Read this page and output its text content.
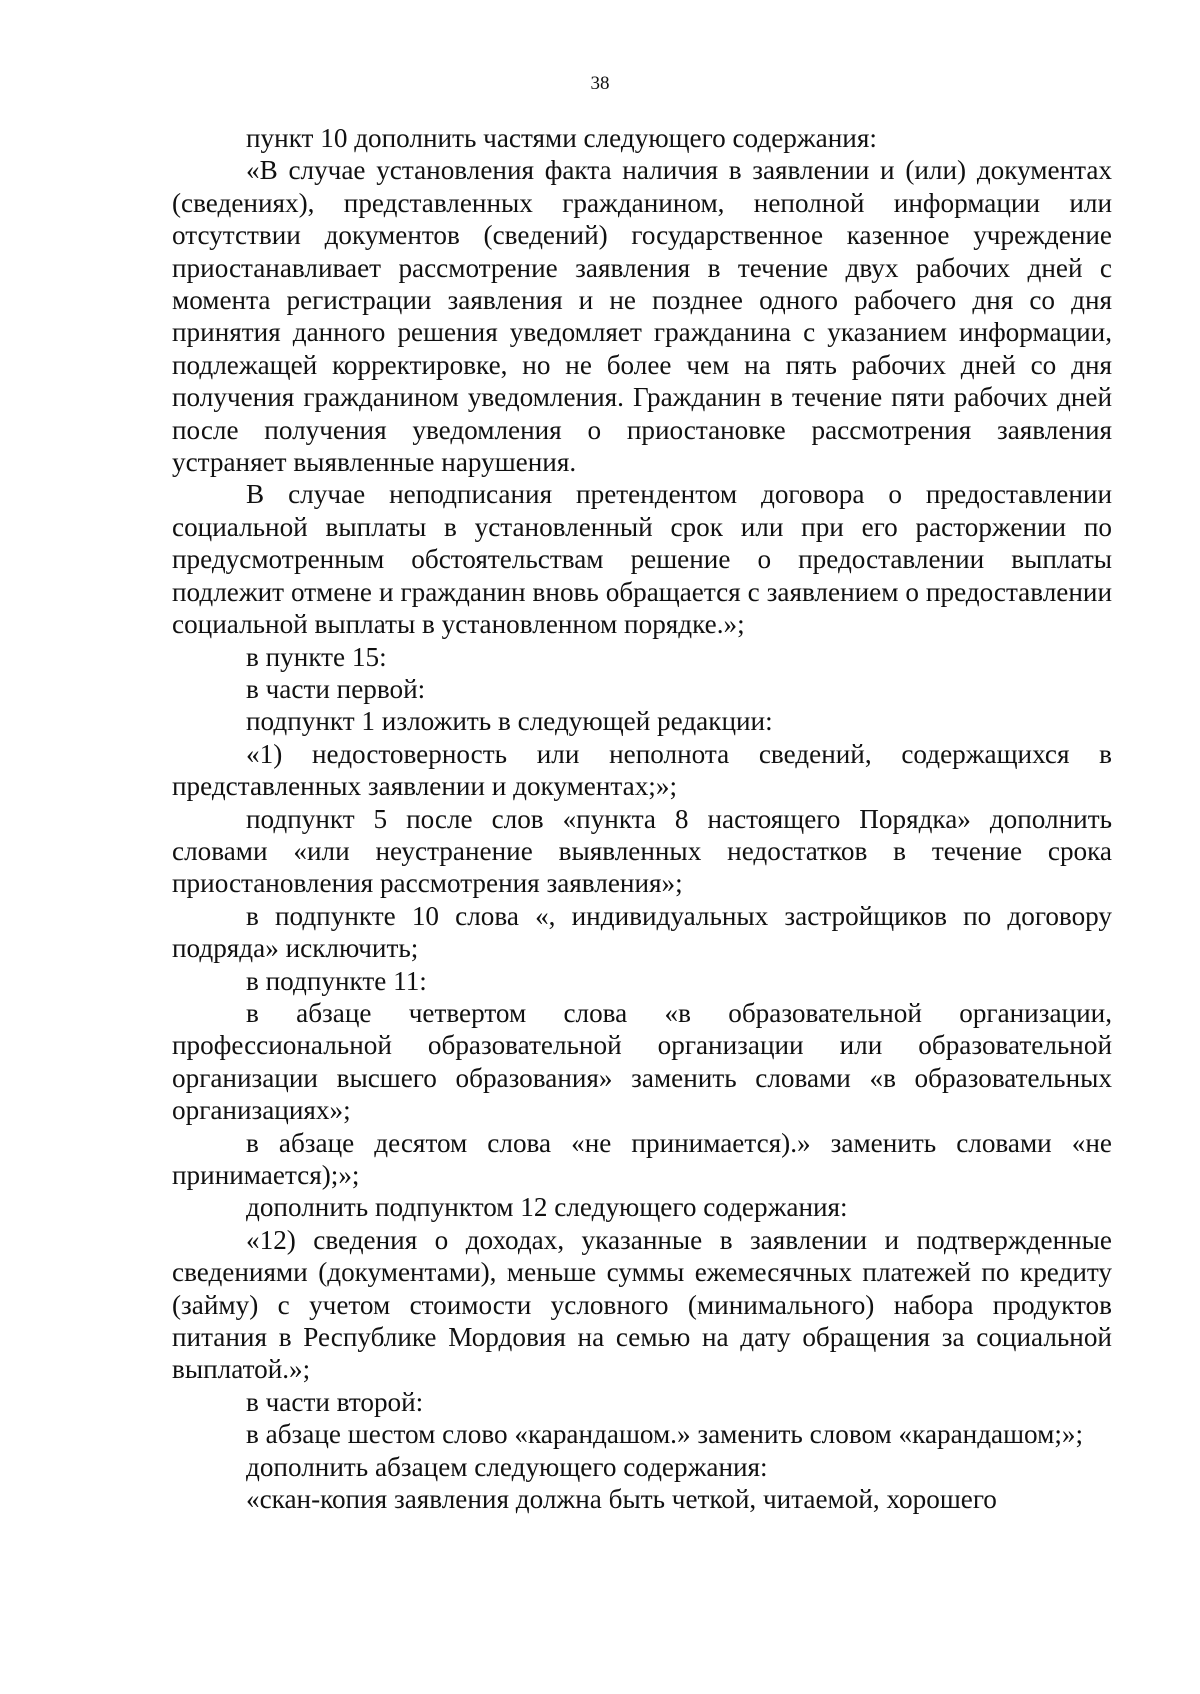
38

пункт 10 дополнить частями следующего содержания:

«В случае установления факта наличия в заявлении и (или) документах (сведениях), представленных гражданином, неполной информации или отсутствии документов (сведений) государственное казенное учреждение приостанавливает рассмотрение заявления в течение двух рабочих дней с момента регистрации заявления и не позднее одного рабочего дня со дня принятия данного решения уведомляет гражданина с указанием информации, подлежащей корректировке, но не более чем на пять рабочих дней со дня получения гражданином уведомления. Гражданин в течение пяти рабочих дней после получения уведомления о приостановке рассмотрения заявления устраняет выявленные нарушения.

В случае неподписания претендентом договора о предоставлении социальной выплаты в установленный срок или при его расторжении по предусмотренным обстоятельствам решение о предоставлении выплаты подлежит отмене и гражданин вновь обращается с заявлением о предоставлении социальной выплаты в установленном порядке.»;

в пункте 15:

в части первой:

подпункт 1 изложить в следующей редакции:

«1) недостоверность или неполнота сведений, содержащихся в представленных заявлении и документах;»;

подпункт 5 после слов «пункта 8 настоящего Порядка» дополнить словами «или неустранение выявленных недостатков в течение срока приостановления рассмотрения заявления»;

в подпункте 10 слова «, индивидуальных застройщиков по договору подряда» исключить;

в подпункте 11:

в абзаце четвертом слова «в образовательной организации, профессиональной образовательной организации или образовательной организации высшего образования» заменить словами «в образовательных организациях»;

в абзаце десятом слова «не принимается).» заменить словами «не принимается);»;

дополнить подпунктом 12 следующего содержания:

«12) сведения о доходах, указанные в заявлении и подтвержденные сведениями (документами), меньше суммы ежемесячных платежей по кредиту (займу) с учетом стоимости условного (минимального) набора продуктов питания в Республике Мордовия на семью на дату обращения за социальной выплатой.»;

в части второй:

в абзаце шестом слово «карандашом.» заменить словом «карандашом;»;

дополнить абзацем следующего содержания:

«скан-копия заявления должна быть четкой, читаемой, хорошего
